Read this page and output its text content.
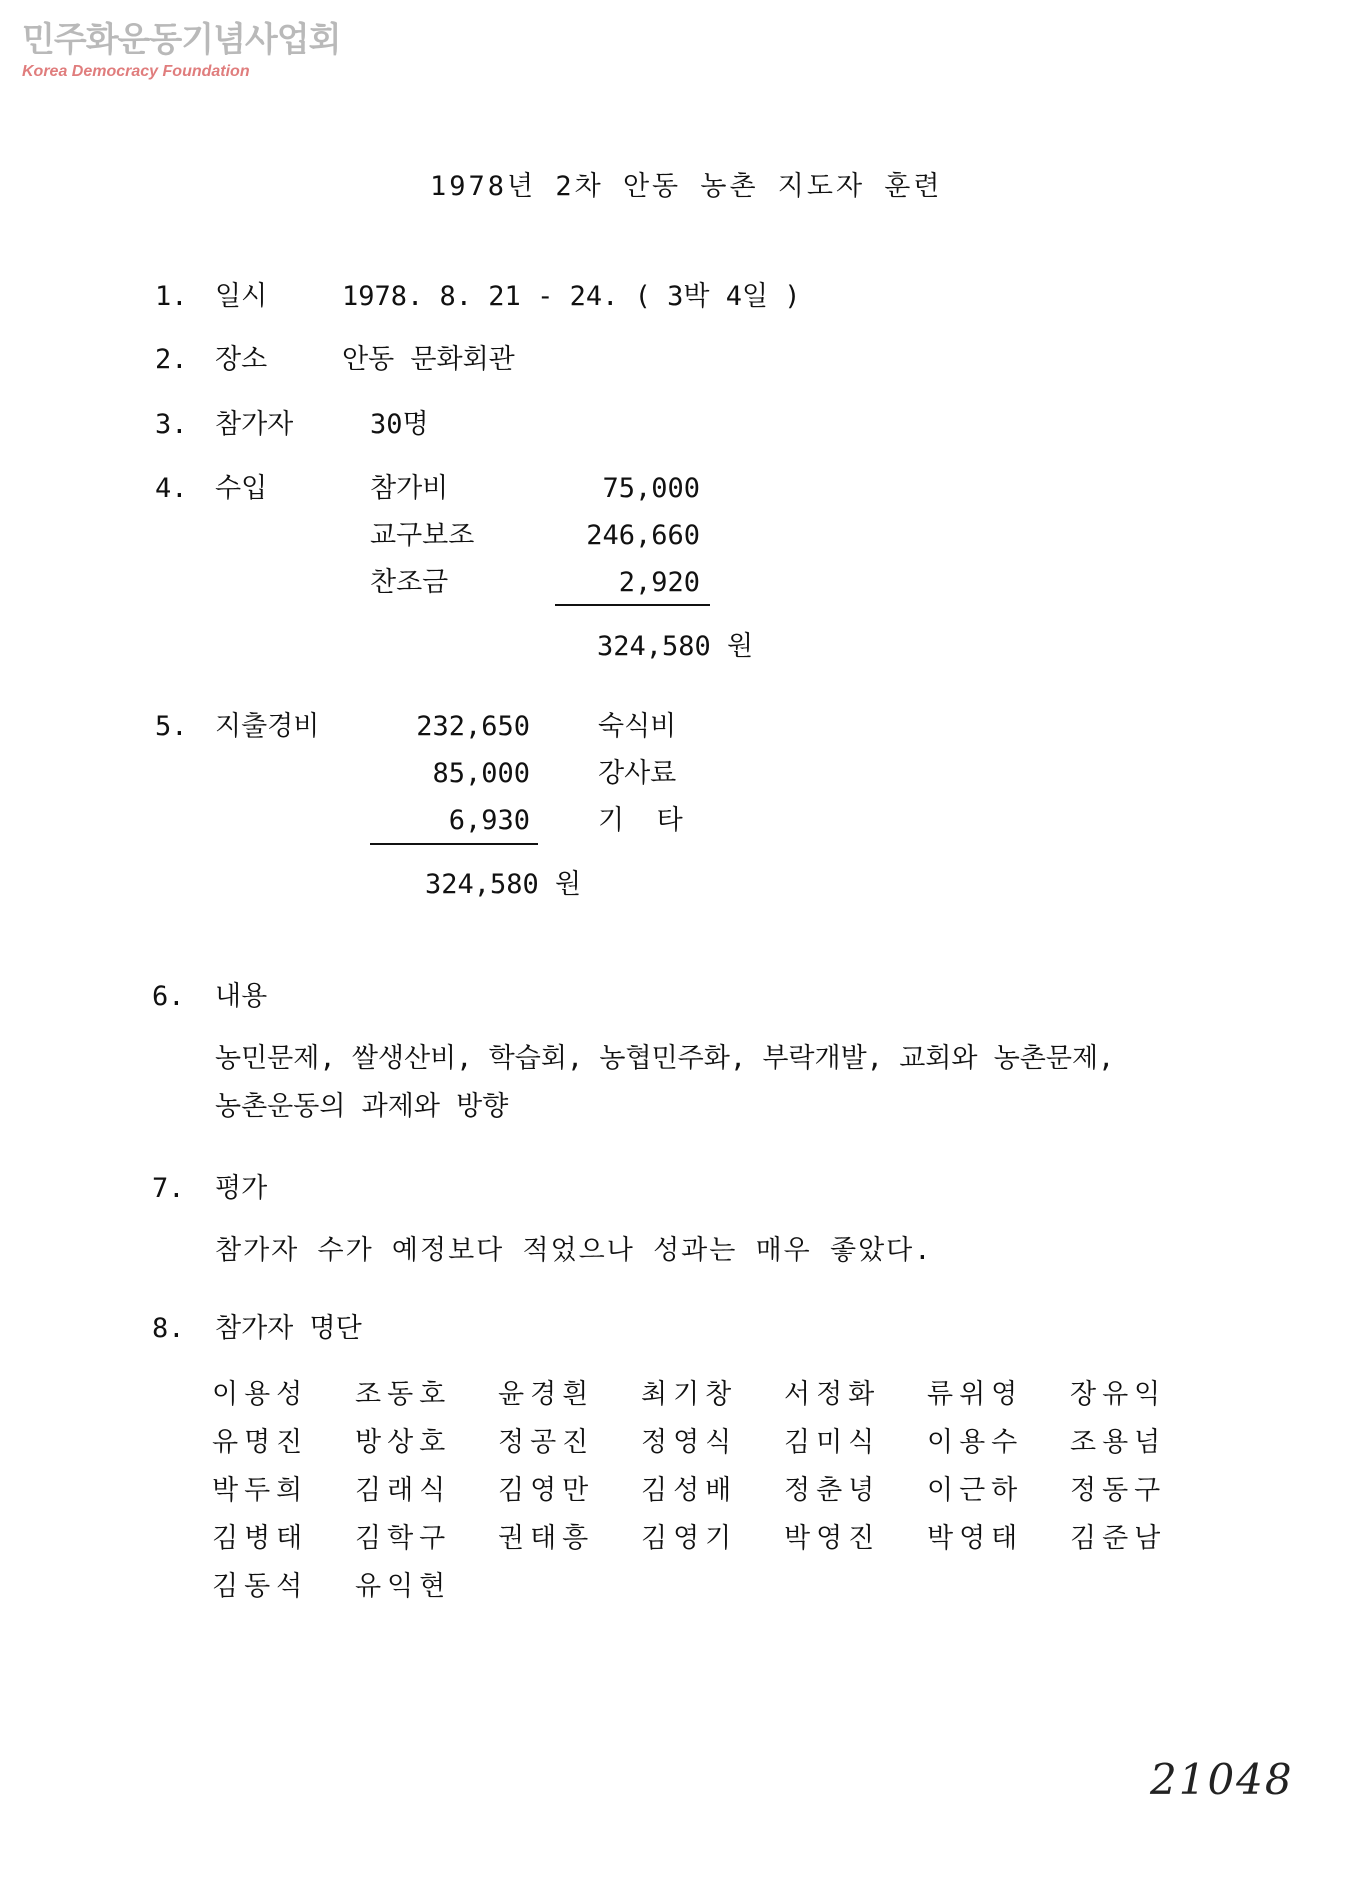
민주화운동기념사업회
Korea Democracy Foundation
1978년 2차 안동 농촌 지도자 훈련
1. 일시	1978. 8. 21 - 24. ( 3박 4일 )
2. 장소	안동 문화회관
3. 참가자	30명
4. 수입	참가비	75,000
교구보조	246,660
찬조금	2,920
324,580 원
5. 지출경비	232,650	숙식비
85,000	강사료
6,930	기  타
324,580 원
6. 내용
농민문제, 쌀생산비, 학습회, 농협민주화, 부락개발, 교회와 농촌문제,
농촌운동의 과제와 방향
7. 평가
참가자 수가 예정보다 적었으나 성과는 매우 좋았다.
8. 참가자 명단
이용성 조동호 윤경흰 최기창 서정화 류위영 장유익
유명진 방상호 정공진 정영식 김미식 이용수 조용넘
박두희 김래식 김영만 김성배 정춘녕 이근하 정동구
김병태 김학구 권태흥 김영기 박영진 박영태 김준남
김동석 유익현
21048
